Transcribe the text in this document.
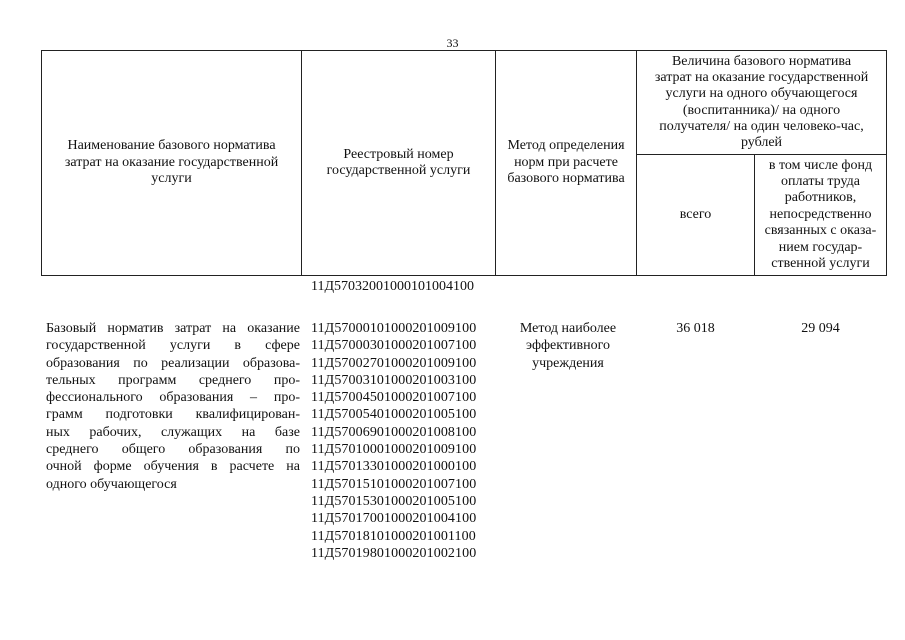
33
Наименование базового норматива
затрат на оказание государственной
услуги
Реестровый номер
государственной услуги
Метод определения
норм при расчете
базового норматива
Величина базового норматива
затрат на оказание государственной
услуги на одного обучающегося
(воспитанника)/ на одного
получателя/ на один человеко-час,
рублей
всего
в том числе фонд
оплаты труда
работников,
непосредственно
связанных с оказа-
нием государ-
ственной услуги
11Д57032001000101004100
Базовый норматив затрат на оказание
государственной услуги в сфере
образования по реализации образова-
тельных программ среднего про-
фессионального образования – про-
грамм подготовки квалифицирован-
ных рабочих, служащих на базе
среднего общего образования по
очной форме обучения в расчете на
одного обучающегося
11Д57000101000201009100
11Д57000301000201007100
11Д57002701000201009100
11Д57003101000201003100
11Д57004501000201007100
11Д57005401000201005100
11Д57006901000201008100
11Д57010001000201009100
11Д57013301000201000100
11Д57015101000201007100
11Д57015301000201005100
11Д57017001000201004100
11Д57018101000201001100
11Д57019801000201002100
Метод наиболее
эффективного
учреждения
36 018	29 094
